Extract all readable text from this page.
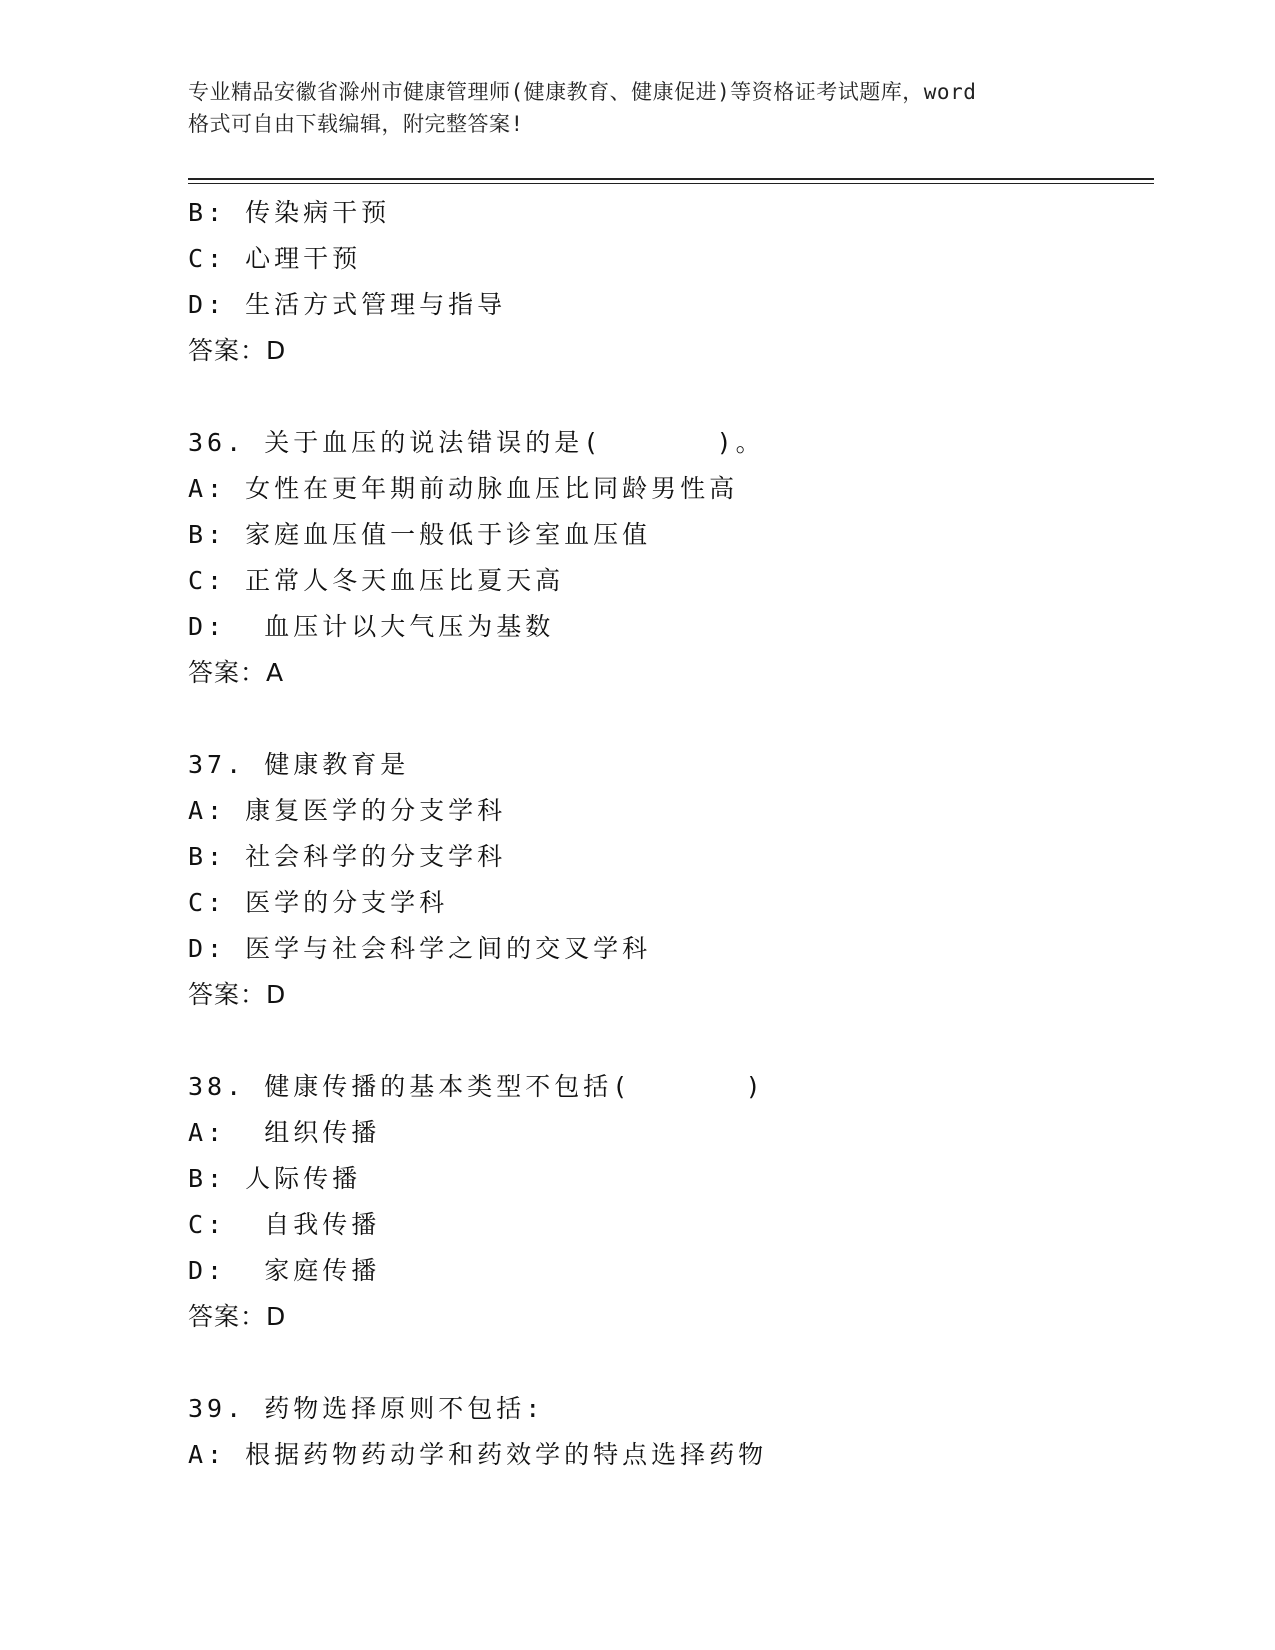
专业精品安徽省滁州市健康管理师(健康教育、健康促进)等资格证考试题库，word
格式可自由下载编辑，附完整答案!
B: 传染病干预
C: 心理干预
D: 生活方式管理与指导
答案：D
36. 关于血压的说法错误的是(      )。
A: 女性在更年期前动脉血压比同龄男性高
B: 家庭血压值一般低于诊室血压值
C: 正常人冬天血压比夏天高
D:  血压计以大气压为基数
答案：A
37. 健康教育是
A: 康复医学的分支学科
B: 社会科学的分支学科
C: 医学的分支学科
D: 医学与社会科学之间的交叉学科
答案：D
38. 健康传播的基本类型不包括(      )
A:  组织传播
B: 人际传播
C:  自我传播
D:  家庭传播
答案：D
39. 药物选择原则不包括:
A: 根据药物药动学和药效学的特点选择药物
